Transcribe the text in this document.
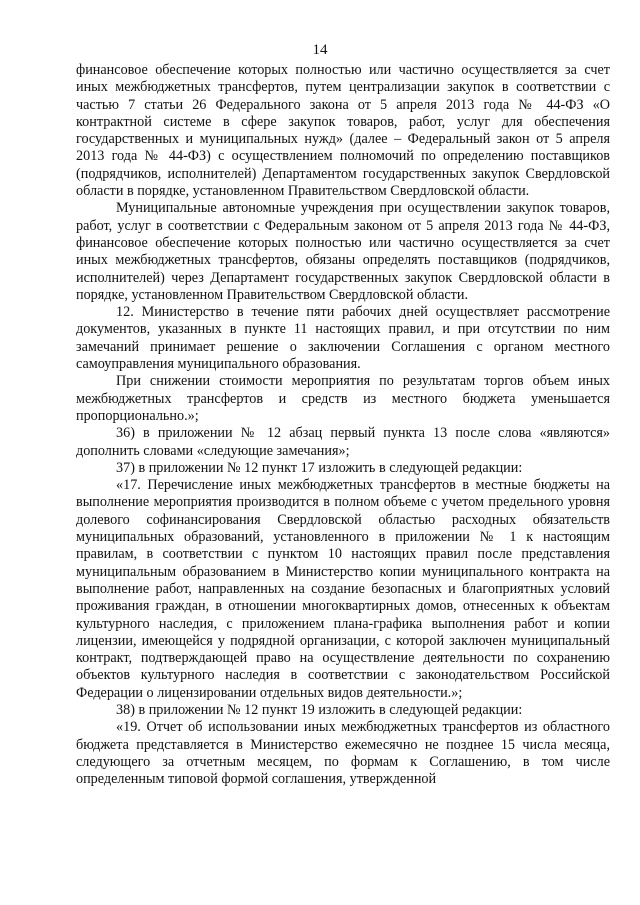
14

финансовое обеспечение которых полностью или частично осуществляется за счет иных межбюджетных трансфертов, путем централизации закупок в соответствии с частью 7 статьи 26 Федерального закона от 5 апреля 2013 года № 44-ФЗ «О контрактной системе в сфере закупок товаров, работ, услуг для обеспечения государственных и муниципальных нужд» (далее – Федеральный закон от 5 апреля 2013 года № 44-ФЗ) с осуществлением полномочий по определению поставщиков (подрядчиков, исполнителей) Департаментом государственных закупок Свердловской области в порядке, установленном Правительством Свердловской области.

Муниципальные автономные учреждения при осуществлении закупок товаров, работ, услуг в соответствии с Федеральным законом от 5 апреля 2013 года № 44-ФЗ, финансовое обеспечение которых полностью или частично осуществляется за счет иных межбюджетных трансфертов, обязаны определять поставщиков (подрядчиков, исполнителей) через Департамент государственных закупок Свердловской области в порядке, установленном Правительством Свердловской области.

12. Министерство в течение пяти рабочих дней осуществляет рассмотрение документов, указанных в пункте 11 настоящих правил, и при отсутствии по ним замечаний принимает решение о заключении Соглашения с органом местного самоуправления муниципального образования.

При снижении стоимости мероприятия по результатам торгов объем иных межбюджетных трансфертов и средств из местного бюджета уменьшается пропорционально.»;

36) в приложении № 12 абзац первый пункта 13 после слова «являются» дополнить словами «следующие замечания»;

37) в приложении № 12 пункт 17 изложить в следующей редакции:

«17. Перечисление иных межбюджетных трансфертов в местные бюджеты на выполнение мероприятия производится в полном объеме с учетом предельного уровня долевого софинансирования Свердловской областью расходных обязательств муниципальных образований, установленного в приложении № 1 к настоящим правилам, в соответствии с пунктом 10 настоящих правил после представления муниципальным образованием в Министерство копии муниципального контракта на выполнение работ, направленных на создание безопасных и благоприятных условий проживания граждан, в отношении многоквартирных домов, отнесенных к объектам культурного наследия, с приложением плана-графика выполнения работ и копии лицензии, имеющейся у подрядной организации, с которой заключен муниципальный контракт, подтверждающей право на осуществление деятельности по сохранению объектов культурного наследия в соответствии с законодательством Российской Федерации о лицензировании отдельных видов деятельности.»;

38) в приложении № 12 пункт 19 изложить в следующей редакции:

«19. Отчет об использовании иных межбюджетных трансфертов из областного бюджета представляется в Министерство ежемесячно не позднее 15 числа месяца, следующего за отчетным месяцем, по формам к Соглашению, в том числе определенным типовой формой соглашения, утвержденной
